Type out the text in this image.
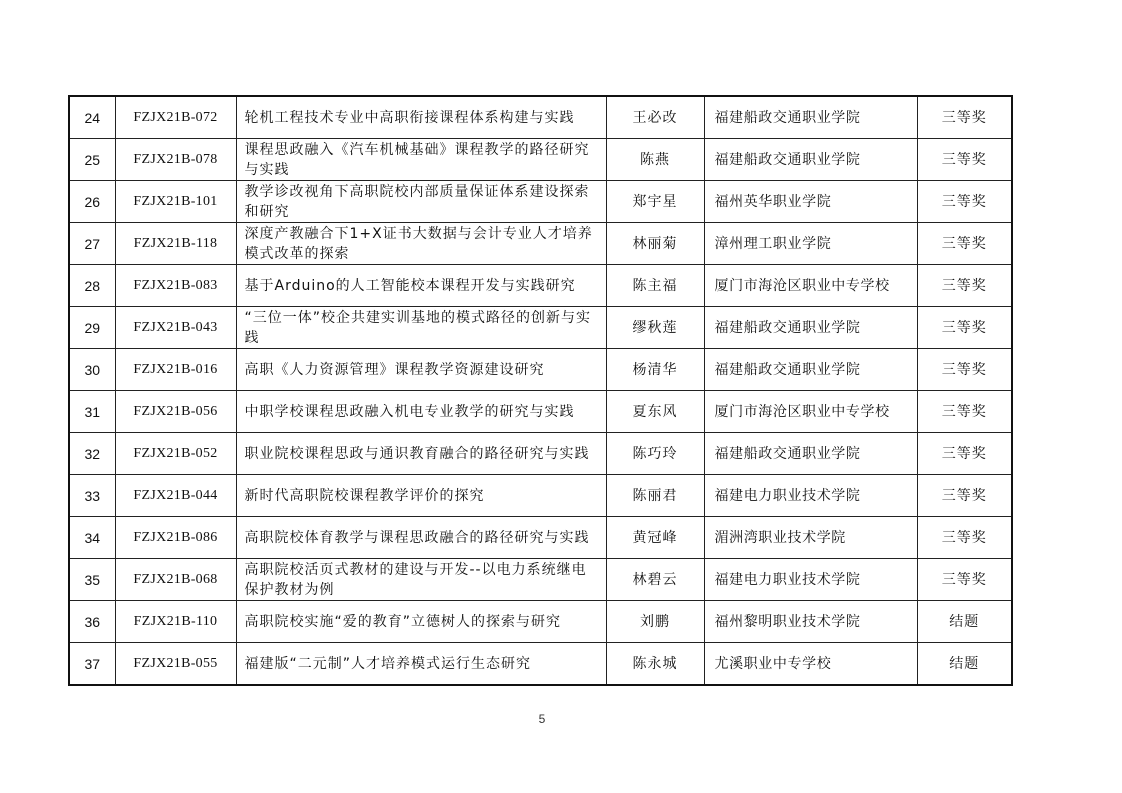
24	FZJX21B-072	轮机工程技术专业中高职衔接课程体系构建与实践	王必改	福建船政交通职业学院	三等奖
25	FZJX21B-078	课程思政融入《汽车机械基础》课程教学的路径研究与实践	陈燕	福建船政交通职业学院	三等奖
26	FZJX21B-101	教学诊改视角下高职院校内部质量保证体系建设探索和研究	郑宇星	福州英华职业学院	三等奖
27	FZJX21B-118	深度产教融合下1+X证书大数据与会计专业人才培养模式改革的探索	林丽菊	漳州理工职业学院	三等奖
28	FZJX21B-083	基于Arduino的人工智能校本课程开发与实践研究	陈主福	厦门市海沧区职业中专学校	三等奖
29	FZJX21B-043	“三位一体”校企共建实训基地的模式路径的创新与实践	缪秋莲	福建船政交通职业学院	三等奖
30	FZJX21B-016	高职《人力资源管理》课程教学资源建设研究	杨清华	福建船政交通职业学院	三等奖
31	FZJX21B-056	中职学校课程思政融入机电专业教学的研究与实践	夏东风	厦门市海沧区职业中专学校	三等奖
32	FZJX21B-052	职业院校课程思政与通识教育融合的路径研究与实践	陈巧玲	福建船政交通职业学院	三等奖
33	FZJX21B-044	新时代高职院校课程教学评价的探究	陈丽君	福建电力职业技术学院	三等奖
34	FZJX21B-086	高职院校体育教学与课程思政融合的路径研究与实践	黄冠峰	湄洲湾职业技术学院	三等奖
35	FZJX21B-068	高职院校活页式教材的建设与开发--以电力系统继电保护教材为例	林碧云	福建电力职业技术学院	三等奖
36	FZJX21B-110	高职院校实施“爱的教育”立德树人的探索与研究	刘鹏	福州黎明职业技术学院	结题
37	FZJX21B-055	福建版“二元制”人才培养模式运行生态研究	陈永城	尤溪职业中专学校	结题
5
